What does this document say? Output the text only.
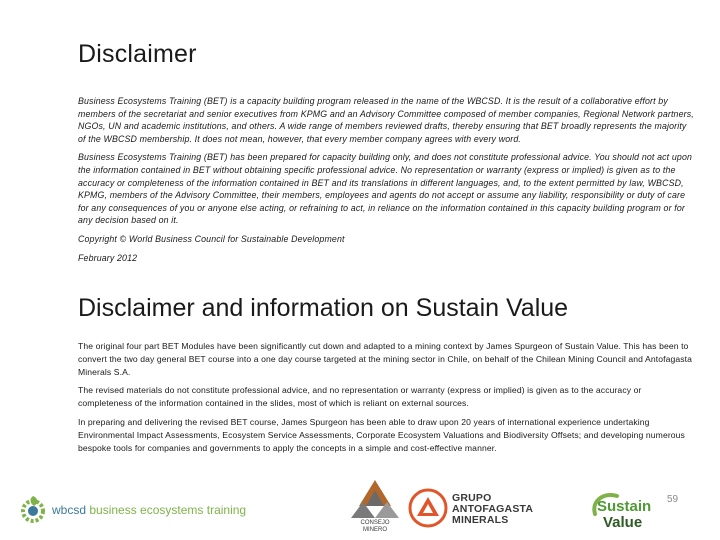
Disclaimer

Business Ecosystems Training (BET) is a capacity building program released in the name of the WBCSD. It is the result of a collaborative effort by members of the secretariat and senior executives from KPMG and an Advisory Committee composed of member companies, Regional Network partners, NGOs, UN and academic institutions, and others. A wide range of members reviewed drafts, thereby ensuring that BET broadly represents the majority of the WBCSD membership. It does not mean, however, that every member company agrees with every word.

Business Ecosystems Training (BET) has been prepared for capacity building only, and does not constitute professional advice. You should not act upon the information contained in BET without obtaining specific professional advice. No representation or warranty (express or implied) is given as to the accuracy or completeness of the information contained in BET and its translations in different languages, and, to the extent permitted by law, WBCSD, KPMG, members of the Advisory Committee, their members, employees and agents do not accept or assume any liability, responsibility or duty of care for any consequences of you or anyone else acting, or refraining to act, in reliance on the information contained in this capacity building program or for any decision based on it.

Copyright © World Business Council for Sustainable Development

February 2012

Disclaimer and information on Sustain Value

The original four part BET Modules have been significantly cut down and adapted to a mining context by James Spurgeon of Sustain Value. This has been to convert the two day general BET course into a one day course targeted at the mining sector in Chile, on behalf of the Chilean Mining Council and Antofagasta Minerals S.A.

The revised materials do not constitute professional advice, and no representation or warranty (express or implied) is given as to the accuracy or completeness of the information contained in the slides, most of which is reliant on external sources.

In preparing and delivering the revised BET course, James Spurgeon has been able to draw upon 20 years of international experience undertaking Environmental Impact Assessments, Ecosystem Service Assessments, Corporate Ecosystem Valuations and Biodiversity Offsets; and developing numerous bespoke tools for companies and governments to apply the concepts in a simple and cost-effective manner.

wbcsd business ecosystems training
CONSEJO
MINERO
GRUPO
ANTOFAGASTA
MINERALS
Sustain
Value
59
